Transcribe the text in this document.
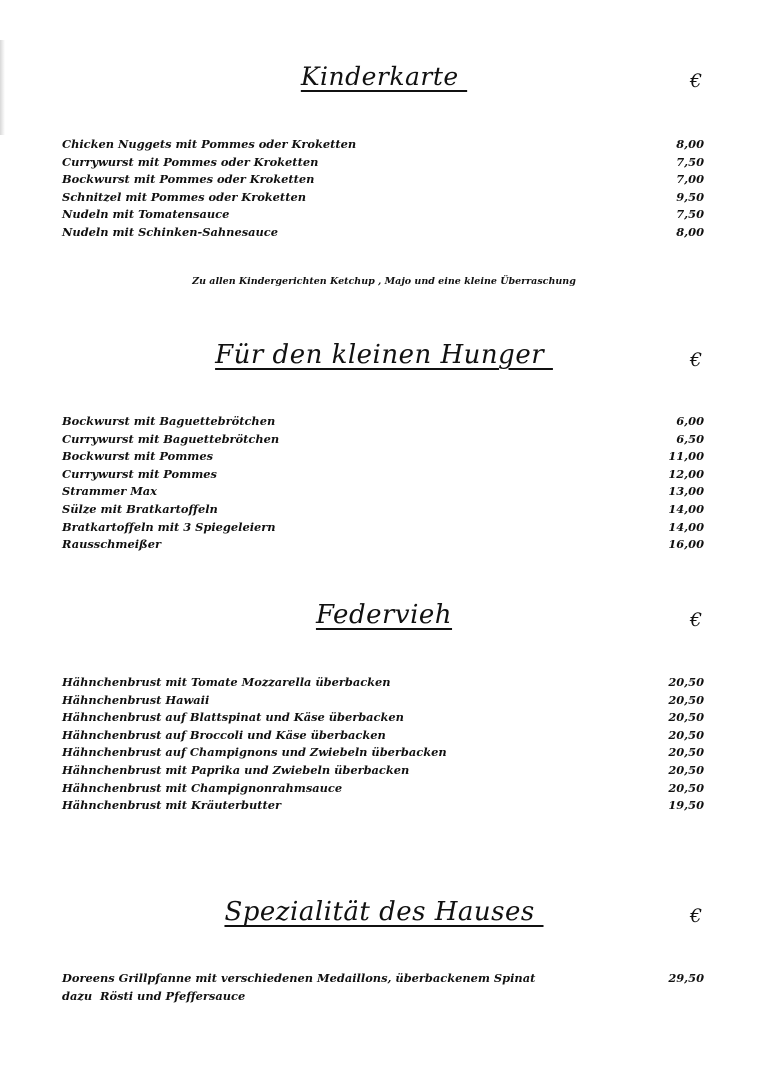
Kinderkarte	€
Chicken Nuggets mit Pommes oder Kroketten	8,00
Currywurst mit Pommes oder Kroketten	7,50
Bockwurst mit Pommes oder Kroketten	7,00
Schnitzel mit Pommes oder Kroketten	9,50
Nudeln mit Tomatensauce	7,50
Nudeln mit Schinken-Sahnesauce	8,00
Zu allen Kindergerichten Ketchup , Majo und eine kleine Überraschung
Für den kleinen Hunger	€
Bockwurst mit Baguettebrötchen	6,00
Currywurst mit Baguettebrötchen	6,50
Bockwurst mit Pommes	11,00
Currywurst mit Pommes	12,00
Strammer Max	13,00
Sülze mit Bratkartoffeln	14,00
Bratkartoffeln mit 3 Spiegeleiern	14,00
Rausschmeißer	16,00
Federvieh	€
Hähnchenbrust mit Tomate Mozzarella überbacken	20,50
Hähnchenbrust Hawaii	20,50
Hähnchenbrust auf Blattspinat und Käse überbacken	20,50
Hähnchenbrust auf Broccoli und Käse überbacken	20,50
Hähnchenbrust auf Champignons und Zwiebeln überbacken	20,50
Hähnchenbrust mit Paprika und Zwiebeln überbacken	20,50
Hähnchenbrust mit Champignonrahmsauce	20,50
Hähnchenbrust mit Kräuterbutter	19,50
Spezialität des Hauses	€
Doreens Grillpfanne mit verschiedenen Medaillons, überbackenem Spinat	29,50
dazu  Rösti und Pfeffersauce
